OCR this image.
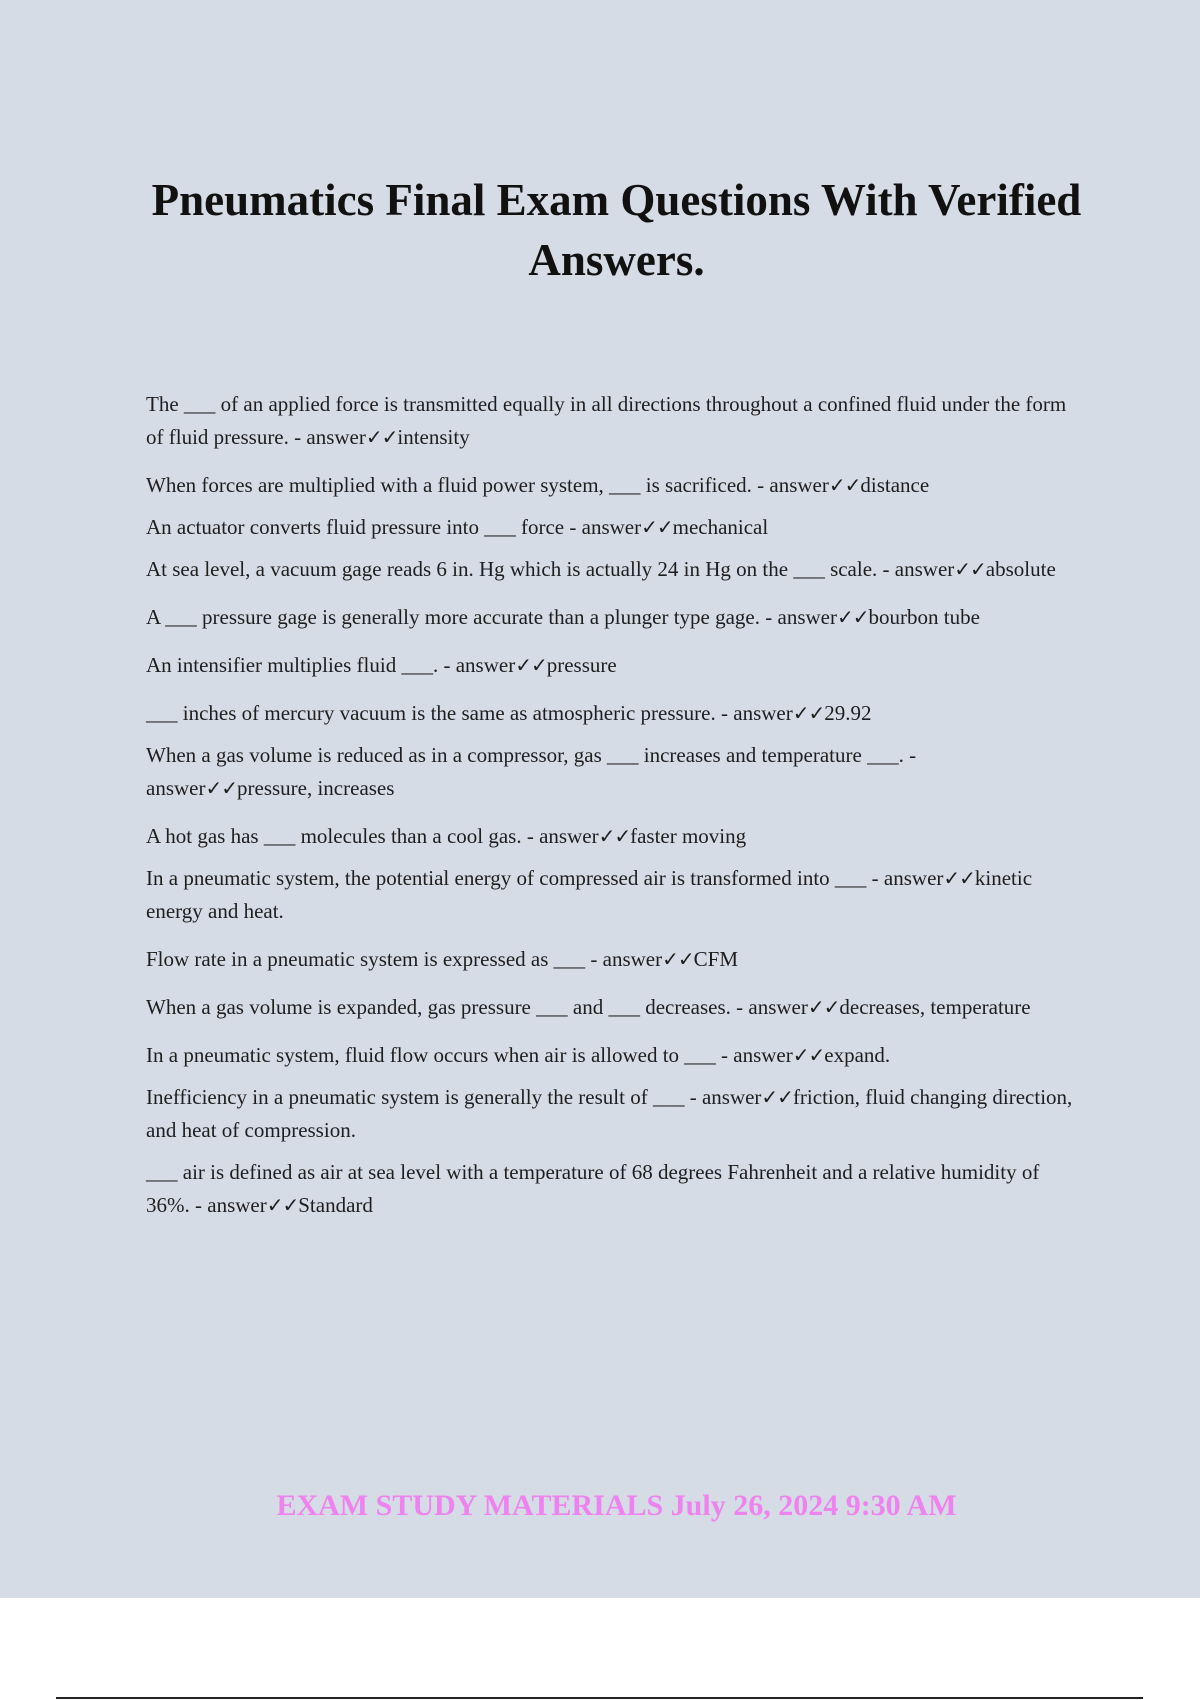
Pneumatics Final Exam Questions With Verified Answers.

The ___ of an applied force is transmitted equally in all directions throughout a confined fluid under the form of fluid pressure. - answer✓✓intensity

When forces are multiplied with a fluid power system, ___ is sacrificed. - answer✓✓distance

An actuator converts fluid pressure into ___ force - answer✓✓mechanical

At sea level, a vacuum gage reads 6 in. Hg which is actually 24 in Hg on the ___ scale. - answer✓✓absolute

A ___ pressure gage is generally more accurate than a plunger type gage. - answer✓✓bourbon tube

An intensifier multiplies fluid ___. - answer✓✓pressure

___ inches of mercury vacuum is the same as atmospheric pressure. - answer✓✓29.92

When a gas volume is reduced as in a compressor, gas ___ increases and temperature ___. - answer✓✓pressure, increases

A hot gas has ___ molecules than a cool gas. - answer✓✓faster moving

In a pneumatic system, the potential energy of compressed air is transformed into ___ - answer✓✓kinetic energy and heat.

Flow rate in a pneumatic system is expressed as ___ - answer✓✓CFM

When a gas volume is expanded, gas pressure ___ and ___ decreases. - answer✓✓decreases, temperature

In a pneumatic system, fluid flow occurs when air is allowed to ___ - answer✓✓expand.

Inefficiency in a pneumatic system is generally the result of ___ - answer✓✓friction, fluid changing direction, and heat of compression.

___ air is defined as air at sea level with a temperature of 68 degrees Fahrenheit and a relative humidity of 36%. - answer✓✓Standard

EXAM STUDY MATERIALS July 26, 2024 9:30 AM
